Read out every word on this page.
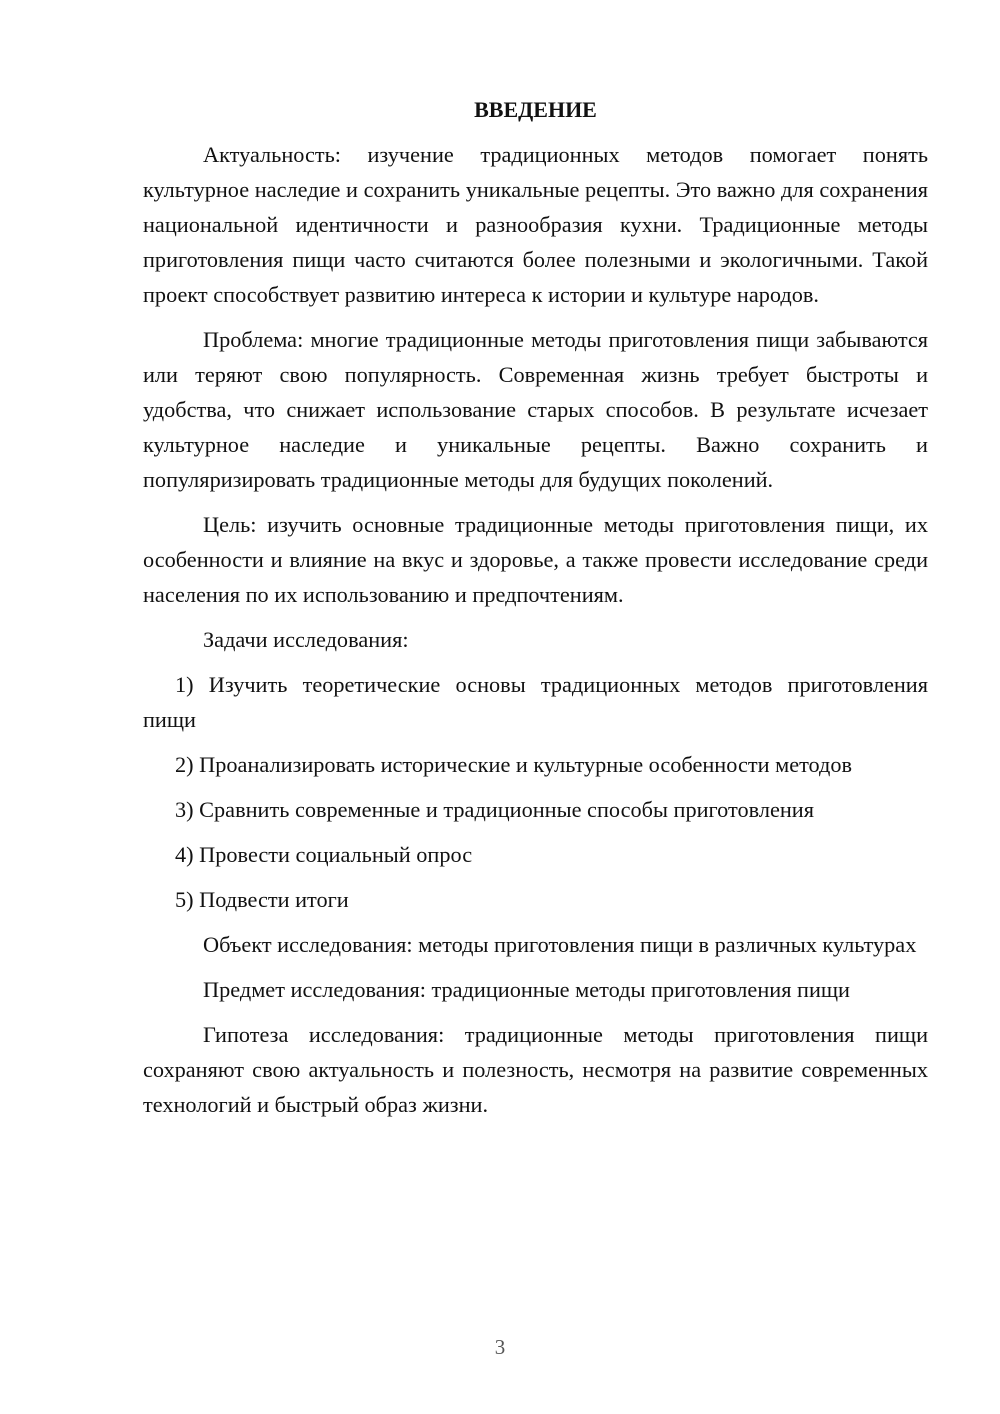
ВВЕДЕНИЕ
Актуальность: изучение традиционных методов помогает понять культурное наследие и сохранить уникальные рецепты. Это важно для сохранения национальной идентичности и разнообразия кухни. Традиционные методы приготовления пищи часто считаются более полезными и экологичными. Такой проект способствует развитию интереса к истории и культуре народов.
Проблема: многие традиционные методы приготовления пищи забываются или теряют свою популярность. Современная жизнь требует быстроты и удобства, что снижает использование старых способов. В результате исчезает культурное наследие и уникальные рецепты. Важно сохранить и популяризировать традиционные методы для будущих поколений.
Цель: изучить основные традиционные методы приготовления пищи, их особенности и влияние на вкус и здоровье, а также провести исследование среди населения по их использованию и предпочтениям.
Задачи исследования:
1) Изучить теоретические основы традиционных методов приготовления пищи
2) Проанализировать исторические и культурные особенности методов
3) Сравнить современные и традиционные способы приготовления
4) Провести социальный опрос
5) Подвести итоги
Объект исследования: методы приготовления пищи в различных культурах
Предмет исследования: традиционные методы приготовления пищи
Гипотеза исследования: традиционные методы приготовления пищи сохраняют свою актуальность и полезность, несмотря на развитие современных технологий и быстрый образ жизни.
3
